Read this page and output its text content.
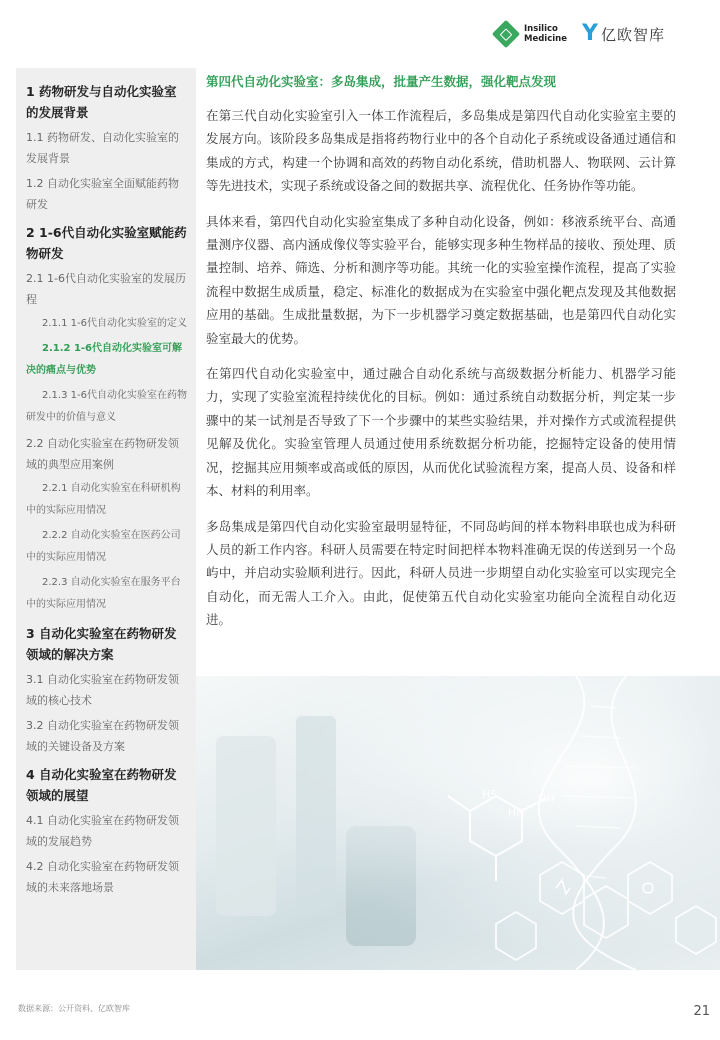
Insilico
Medicine Y 亿欧智库
1 药物研发与自动化实验室的发展背景
1.1 药物研发、自动化实验室的发展背景
1.2 自动化实验室全面赋能药物研发
2 1-6代自动化实验室赋能药物研发
2.1 1-6代自动化实验室的发展历程
2.1.1 1-6代自动化实验室的定义
2.1.2 1-6代自动化实验室可解决的痛点与优势
2.1.3 1-6代自动化实验室在药物研发中的价值与意义
2.2 自动化实验室在药物研发领域的典型应用案例
2.2.1 自动化实验室在科研机构中的实际应用情况
2.2.2 自动化实验室在医药公司中的实际应用情况
2.2.3 自动化实验室在服务平台中的实际应用情况
3 自动化实验室在药物研发领域的解决方案
3.1 自动化实验室在药物研发领域的核心技术
3.2 自动化实验室在药物研发领域的关键设备及方案
4 自动化实验室在药物研发领域的展望
4.1 自动化实验室在药物研发领域的发展趋势
4.2 自动化实验室在药物研发领域的未来落地场景
第四代自动化实验室：多岛集成，批量产生数据，强化靶点发现

在第三代自动化实验室引入一体工作流程后，多岛集成是第四代自动化实验室主要的发展方向。该阶段多岛集成是指将药物行业中的各个自动化子系统或设备通过通信和集成的方式，构建一个协调和高效的药物自动化系统，借助机器人、物联网、云计算等先进技术，实现子系统或设备之间的数据共享、流程优化、任务协作等功能。

具体来看，第四代自动化实验室集成了多种自动化设备，例如：移液系统平台、高通量测序仪器、高内涵成像仪等实验平台，能够实现多种生物样品的接收、预处理、质量控制、培养、筛选、分析和测序等功能。其统一化的实验室操作流程，提高了实验流程中数据生成质量，稳定、标准化的数据成为在实验室中强化靶点发现及其他数据应用的基础。生成批量数据，为下一步机器学习奠定数据基础，也是第四代自动化实验室最大的优势。

在第四代自动化实验室中，通过融合自动化系统与高级数据分析能力、机器学习能力，实现了实验室流程持续优化的目标。例如：通过系统自动数据分析，判定某一步骤中的某一试剂是否导致了下一个步骤中的某些实验结果，并对操作方式或流程提供见解及优化。实验室管理人员通过使用系统数据分析功能，挖掘特定设备的使用情况，挖掘其应用频率或高或低的原因，从而优化试验流程方案，提高人员、设备和样本、材料的利用率。

多岛集成是第四代自动化实验室最明显特征，不同岛屿间的样本物料串联也成为科研人员的新工作内容。科研人员需要在特定时间把样本物料准确无误的传送到另一个岛屿中，并启动实验顺利进行。因此，科研人员进一步期望自动化实验室可以实现完全自动化，而无需人工介入。由此，促使第五代自动化实验室功能向全流程自动化迈进。

HS	OH
HN
数据来源：公开资料、亿欧智库	21
